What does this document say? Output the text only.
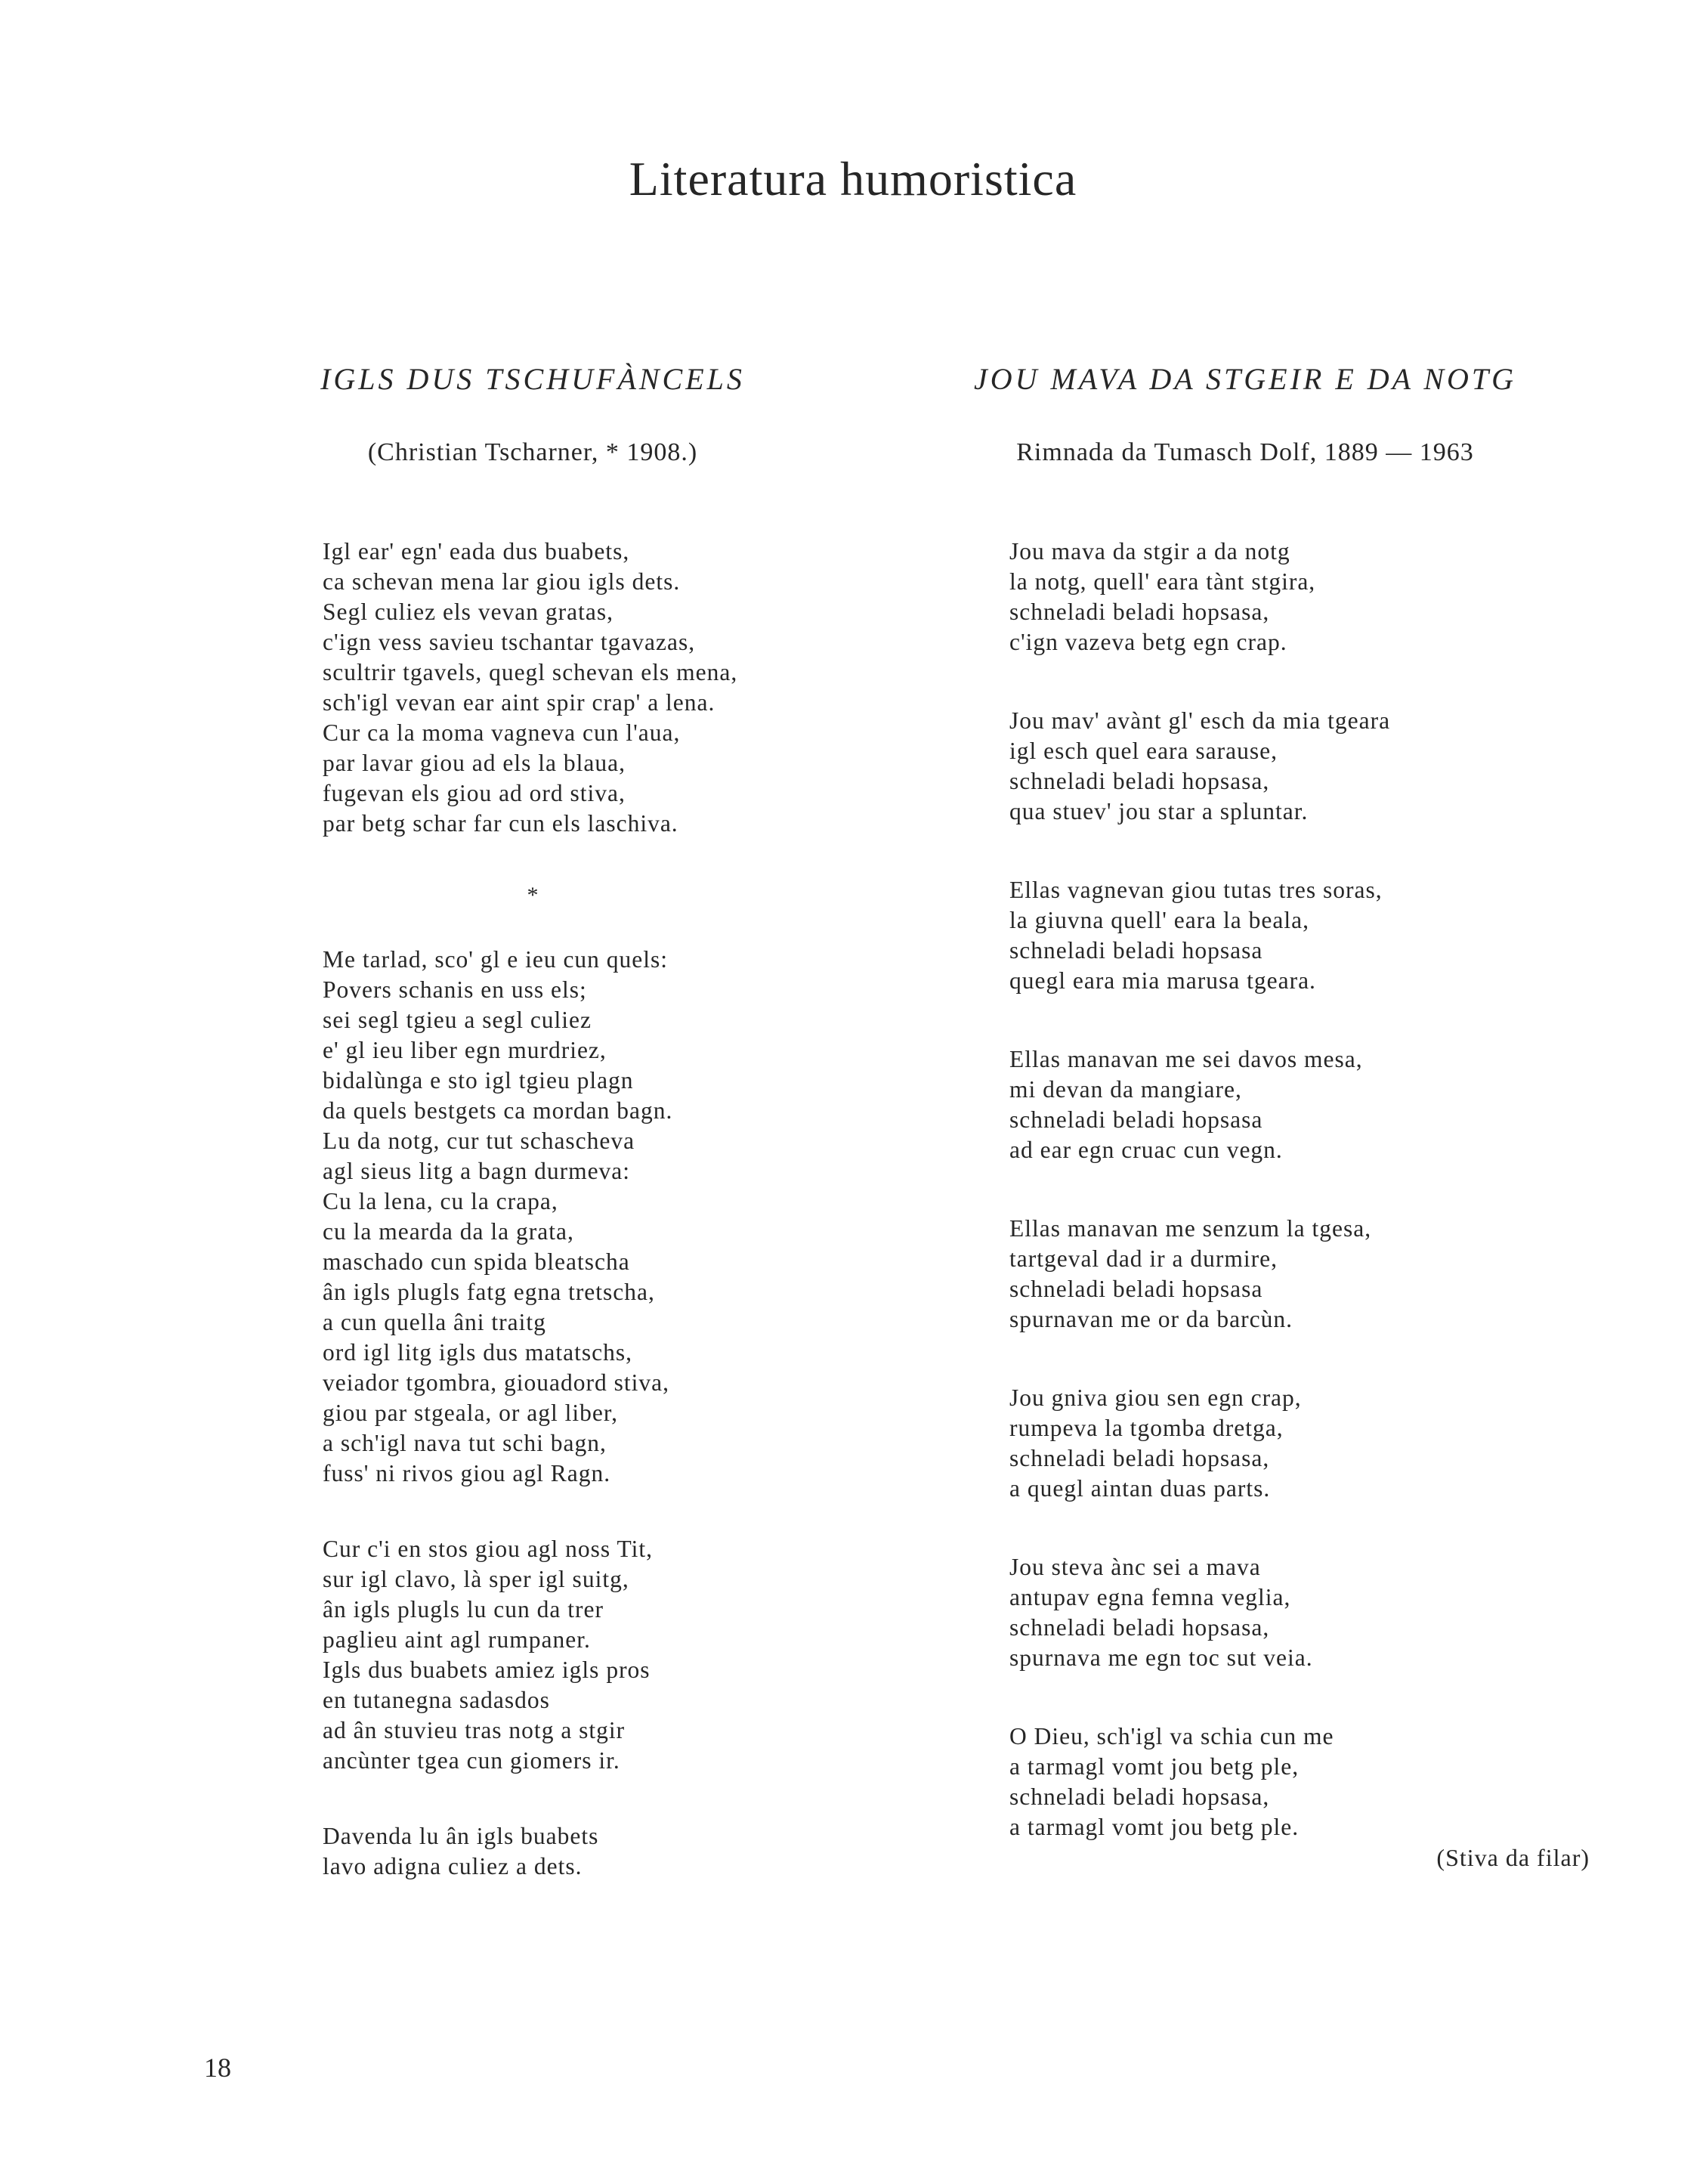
Literatura humoristica
IGLS DUS TSCHUFÀNCELS
(Christian Tscharner, * 1908.)
Igl ear' egn' eada dus buabets,
ca schevan mena lar giou igls dets.
Segl culiez els vevan gratas,
c'ign vess savieu tschantar tgavazas,
scultrir tgavels, quegl schevan els mena,
sch'igl vevan ear aint spir crap' a lena.
Cur ca la moma vagneva cun l'aua,
par lavar giou ad els la blaua,
fugevan els giou ad ord stiva,
par betg schar far cun els laschiva.
*
Me tarlad, sco' gl e ieu cun quels:
Povers schanis en uss els;
sei segl tgieu a segl culiez
e' gl ieu liber egn murdriez,
bidalùnga e sto igl tgieu plagn
da quels bestgets ca mordan bagn.
Lu da notg, cur tut schascheva
agl sieus litg a bagn durmeva:
Cu la lena, cu la crapa,
cu la mearda da la grata,
maschado cun spida bleatscha
ân igls plugls fatg egna tretscha,
a cun quella âni traitg
ord igl litg igls dus matatschs,
veiador tgombra, giouadord stiva,
giou par stgeala, or agl liber,
a sch'igl nava tut schi bagn,
fuss' ni rivos giou agl Ragn.
Cur c'i en stos giou agl noss Tit,
sur igl clavo, là sper igl suitg,
ân igls plugls lu cun da trer
paglieu aint agl rumpaner.
Igls dus buabets amiez igls pros
en tutanegna sadasdos
ad ân stuvieu tras notg a stgir
ancùnter tgea cun giomers ir.
Davenda lu ân igls buabets
lavo adigna culiez a dets.
JOU MAVA DA STGEIR E DA NOTG
Rimnada da Tumasch Dolf, 1889 — 1963
Jou mava da stgir a da notg
la notg, quell' eara tànt stgira,
schneladi beladi hopsasa,
c'ign vazeva betg egn crap.
Jou mav' avànt gl' esch da mia tgeara
igl esch quel eara sarause,
schneladi beladi hopsasa,
qua stuev' jou star a spluntar.
Ellas vagnevan giou tutas tres soras,
la giuvna quell' eara la beala,
schneladi beladi hopsasa
quegl eara mia marusa tgeara.
Ellas manavan me sei davos mesa,
mi devan da mangiare,
schneladi beladi hopsasa
ad ear egn cruac cun vegn.
Ellas manavan me senzum la tgesa,
tartgeval dad ir a durmire,
schneladi beladi hopsasa
spurnavan me or da barcùn.
Jou gniva giou sen egn crap,
rumpeva la tgomba dretga,
schneladi beladi hopsasa,
a quegl aintan duas parts.
Jou steva ànc sei a mava
antupav egna femna veglia,
schneladi beladi hopsasa,
spurnava me egn toc sut veia.
O Dieu, sch'igl va schia cun me
a tarmagl vomt jou betg ple,
schneladi beladi hopsasa,
a tarmagl vomt jou betg ple.
(Stiva da filar)
18
